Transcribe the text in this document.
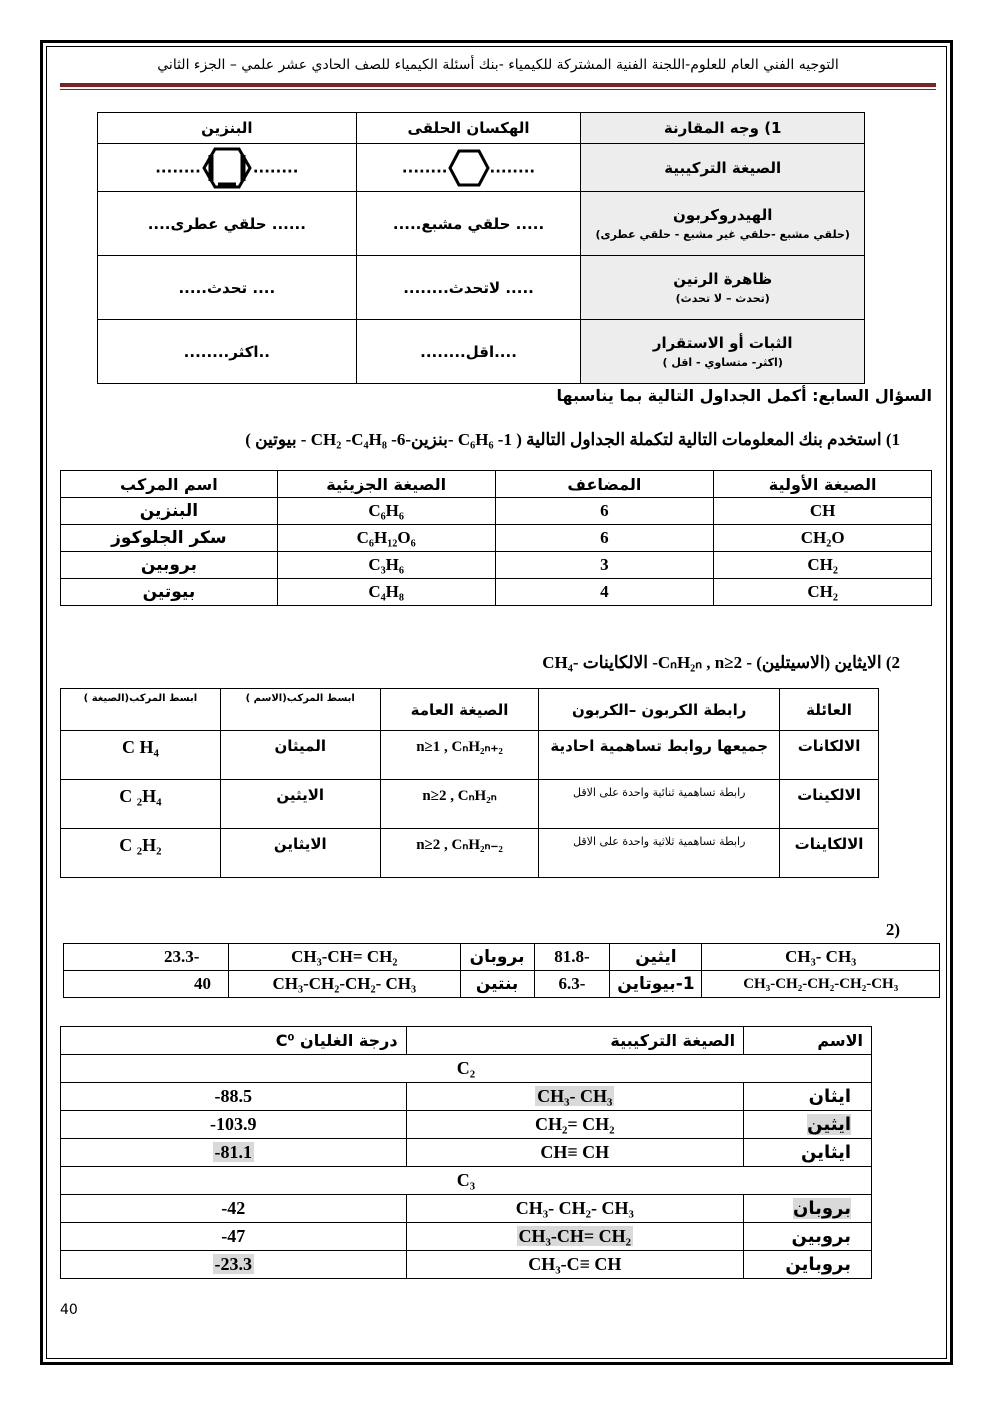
التوجيه الفني العام للعلوم-اللجنة الفنية المشتركة للكيمياء -بنك أسئلة الكيمياء للصف الحادي عشر علمي – الجزء الثاني
1) وجه المقارنة	الهكسان الحلقى	البنزين
الصيغة التركيبية	................	................
الهيدروكربون
(حلقي مشبع -حلقي غير مشبع - حلقي عطرى)	..... حلقي مشبع.....	...... حلقي عطرى....
ظاهرة الرنين
(تحدث – لا تحدث)	..... لاتحدث........	.... تحدث.....
الثبات أو الاستقرار
(اكثر- متساوي - اقل )	....اقل........	..اكثر........
السؤال السابع: أكمل الجداول التالية بما يناسبها
1) استخدم بنك المعلومات التالية لتكملة الجداول التالية ( C₆H₆ -1 -بنزين-6- CH₂ -C₄H₈ - بيوتين )
الصيغة الأولية	المضاعف	الصيغة الجزيئية	اسم المركب
CH	6	C₆H₆	البنزين
CH₂O	6	C₆H₁₂O₆	سكر الجلوكوز
CH₂	3	C₃H₆	بروبين
CH₂	4	C₄H₈	بيوتين
2) الايثاين (الاسيتلين) - CₙH₂ₙ , n≥2- الالكاينات -CH₄
العائلة	رابطة الكربون –الكربون	الصيغة العامة	ابسط المركب(الاسم )	ابسط المركب(الصيغة )
الالكانات	جميعها روابط تساهمية احادية	n≥1 , CₙH₂ₙ₊₂	الميثان	C H₄
الالكينات	رابطة تساهمية ثنائية واحدة على الاقل	n≥2 , CₙH₂ₙ	الايثين	C ₂H₄
الالكاينات	رابطة تساهمية ثلاثية واحدة على الاقل	n≥2 , CₙH₂ₙ₋₂	الايثاين	C ₂H₂
(2
CH₃- CH₃	ايثين	-81.8	بروبان	CH₃-CH= CH₂	-23.3
CH₃-CH₂-CH₂-CH₂-CH₃	1-بيوتاين	-6.3	بنتين	CH₃-CH₂-CH₂- CH₃	40
الاسم	الصيغة التركيبية	درجة الغليان C⁰
C₂		
ايثان	CH₃- CH₃	88.5-
ايثين	CH₂= CH₂	103.9-
ايثاين	CH≡ CH	81.1-
C₃		
بروبان	CH₃- CH₂- CH₃	42-
بروبين	CH₃-CH= CH₂	47-
بروباين	CH₃-C≡ CH	23.3-
40
